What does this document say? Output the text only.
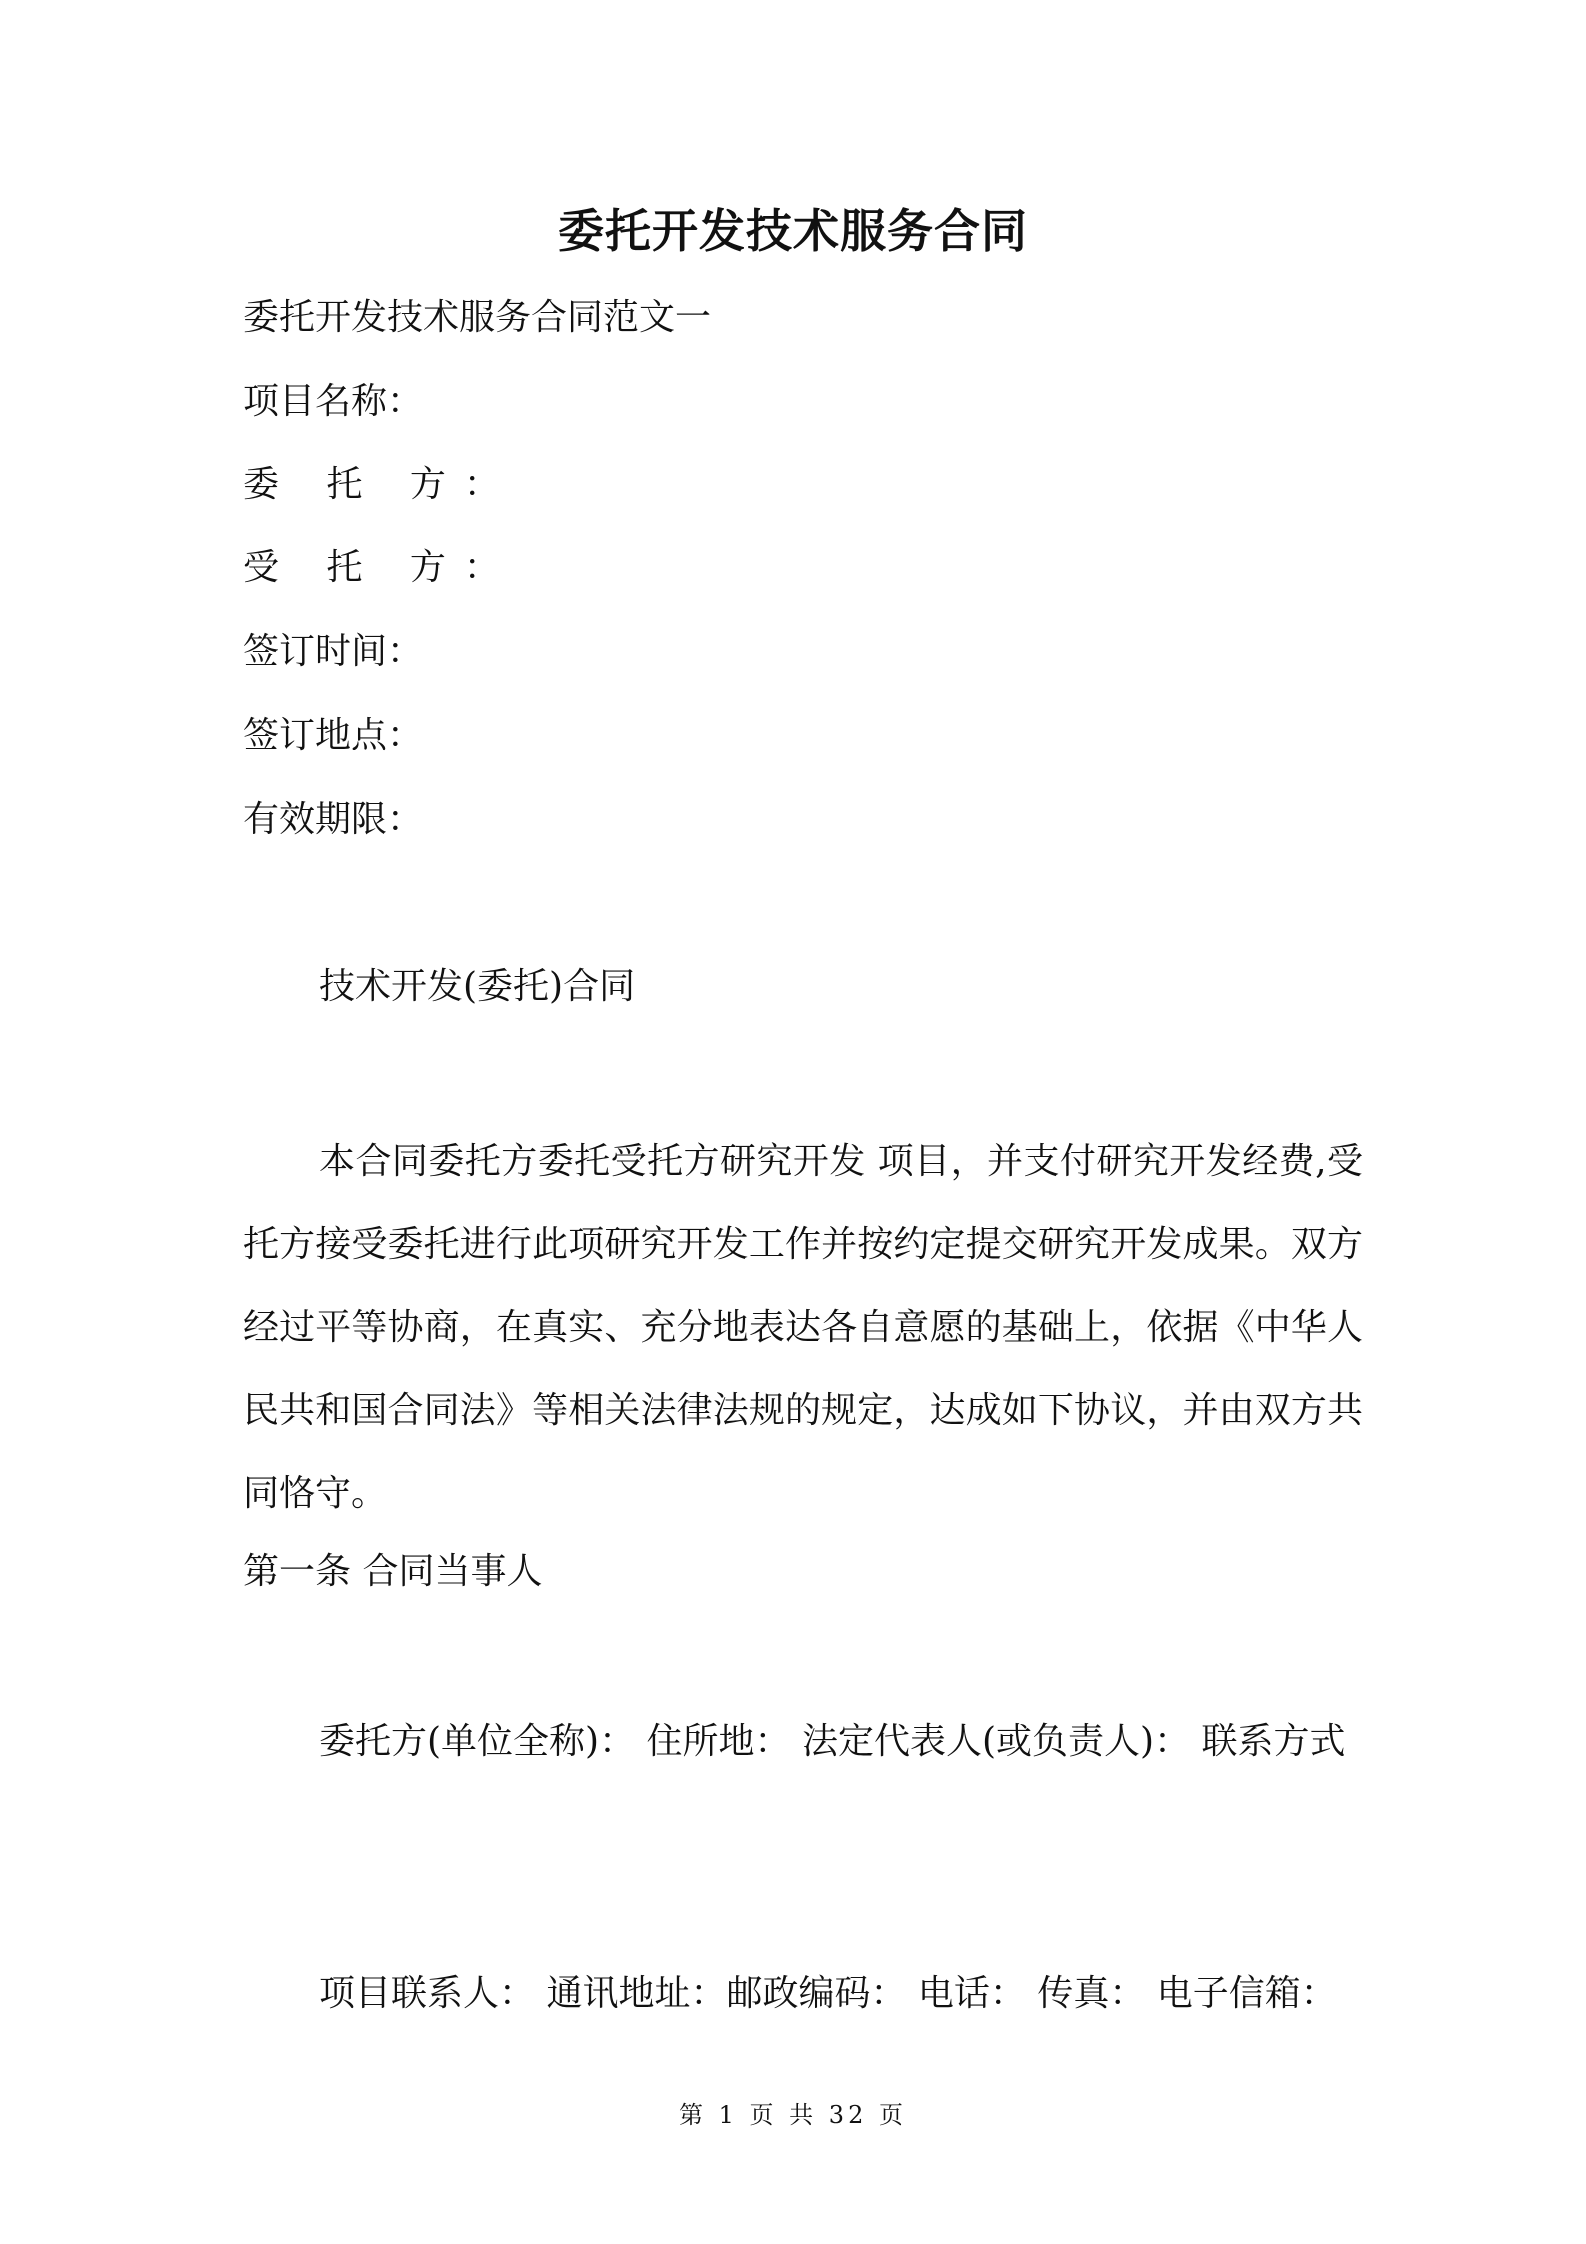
委托开发技术服务合同
委托开发技术服务合同范文一
项目名称：
委 托 方：
受 托 方：
签订时间：
签订地点：
有效期限：
技术开发(委托)合同
本合同委托方委托受托方研究开发 项目，并支付研究开发经费,受托方接受委托进行此项研究开发工作并按约定提交研究开发成果。双方经过平等协商，在真实、充分地表达各自意愿的基础上，依据《中华人民共和国合同法》等相关法律法规的规定，达成如下协议，并由双方共同恪守。
第一条 合同当事人
委托方(单位全称)： 住所地： 法定代表人(或负责人)： 联系方式
项目联系人： 通讯地址：邮政编码： 电话： 传真： 电子信箱：
第 1 页 共 32 页
